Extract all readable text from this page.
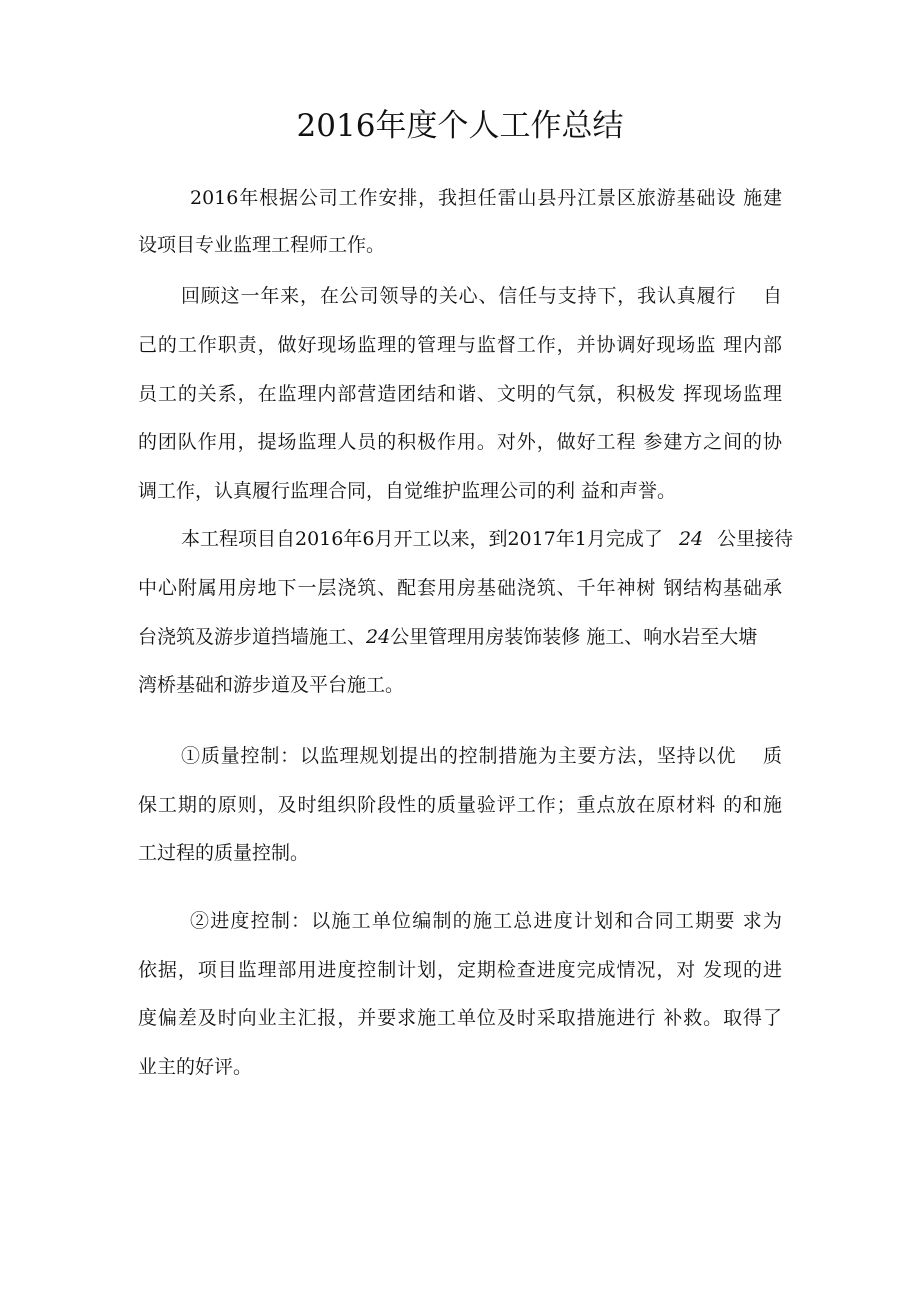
2016年度个人工作总结
2016年根据公司工作安排，我担任雷山县丹江景区旅游基础设 施建
设项目专业监理工程师工作。
回顾这一年来，在公司领导的关心、信任与支持下，我认真履行　 自
己的工作职责，做好现场监理的管理与监督工作，并协调好现场监 理内部
员工的关系，在监理内部营造团结和谐、文明的气氛，积极发 挥现场监理
的团队作用，提场监理人员的积极作用。对外，做好工程 参建方之间的协
调工作，认真履行监理合同，自觉维护监理公司的利 益和声誉。
本工程项目自2016年6月开工以来，到2017年1月完成了 24 公里接待
中心附属用房地下一层浇筑、配套用房基础浇筑、千年神树 钢结构基础承
台浇筑及游步道挡墙施工、24公里管理用房装饰装修 施工、响水岩至大塘
湾桥基础和游步道及平台施工。
①质量控制：以监理规划提出的控制措施为主要方法，坚持以优　 质
保工期的原则，及时组织阶段性的质量验评工作；重点放在原材料 的和施
工过程的质量控制。
②进度控制：以施工单位编制的施工总进度计划和合同工期要 求为
依据，项目监理部用进度控制计划，定期检查进度完成情况，对 发现的进
度偏差及时向业主汇报，并要求施工单位及时采取措施进行 补救。取得了
业主的好评。
